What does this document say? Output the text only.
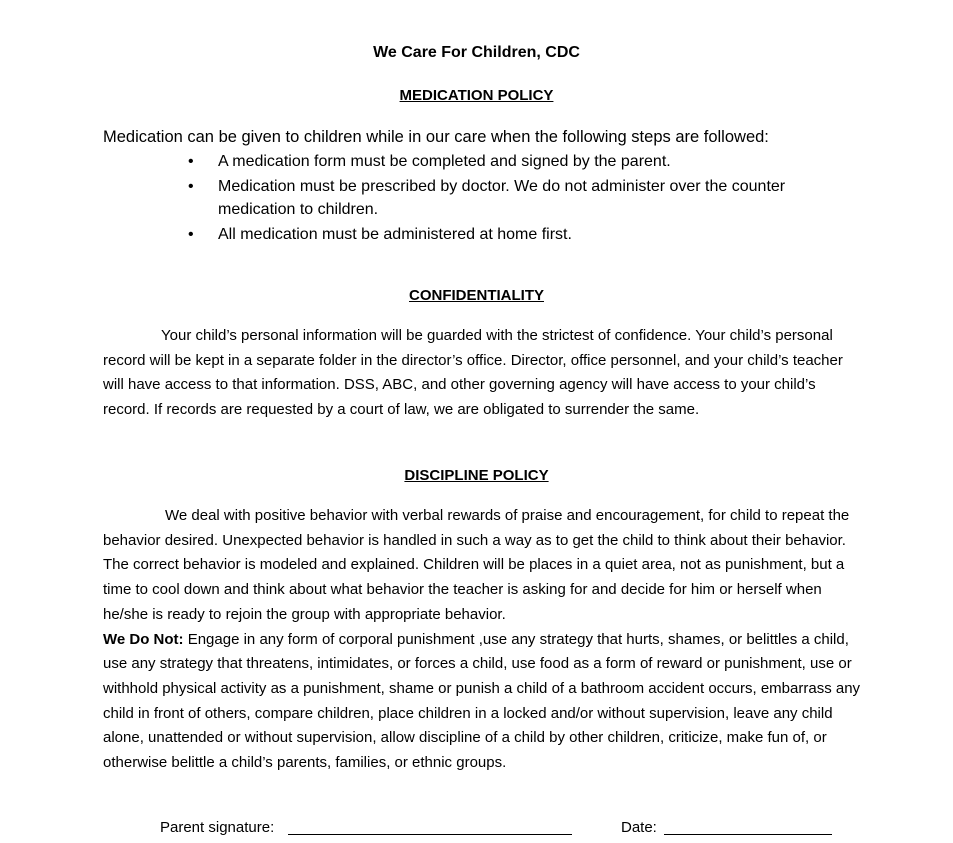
We Care For Children, CDC
MEDICATION POLICY
Medication can be given to children while in our care when the following steps are followed:
• A medication form must be completed and signed by the parent.
• Medication must be prescribed by doctor. We do not administer over the counter medication to children.
• All medication must be administered at home first.
CONFIDENTIALITY
Your child’s personal information will be guarded with the strictest of confidence. Your child’s personal record will be kept in a separate folder in the director’s office. Director, office personnel, and your child’s teacher will have access to that information. DSS, ABC, and other governing agency will have access to your child’s record. If records are requested by a court of law, we are obligated to surrender the same.
DISCIPLINE POLICY
We deal with positive behavior with verbal rewards of praise and encouragement, for child to repeat the behavior desired. Unexpected behavior is handled in such a way as to get the child to think about their behavior. The correct behavior is modeled and explained. Children will be places in a quiet area, not as punishment, but a time to cool down and think about what behavior the teacher is asking for and decide for him or herself when he/she is ready to rejoin the group with appropriate behavior.
We Do Not: Engage in any form of corporal punishment ,use any strategy that hurts, shames, or belittles a child, use any strategy that threatens, intimidates, or forces a child, use food as a form of reward or punishment, use or withhold physical activity as a punishment, shame or punish a child of a bathroom accident occurs, embarrass any child in front of others, compare children, place children in a locked and/or without supervision, leave any child alone, unattended or without supervision, allow discipline of a child by other children, criticize, make fun of, or otherwise belittle a child’s parents, families, or ethnic groups.
Parent signature:	Date:
